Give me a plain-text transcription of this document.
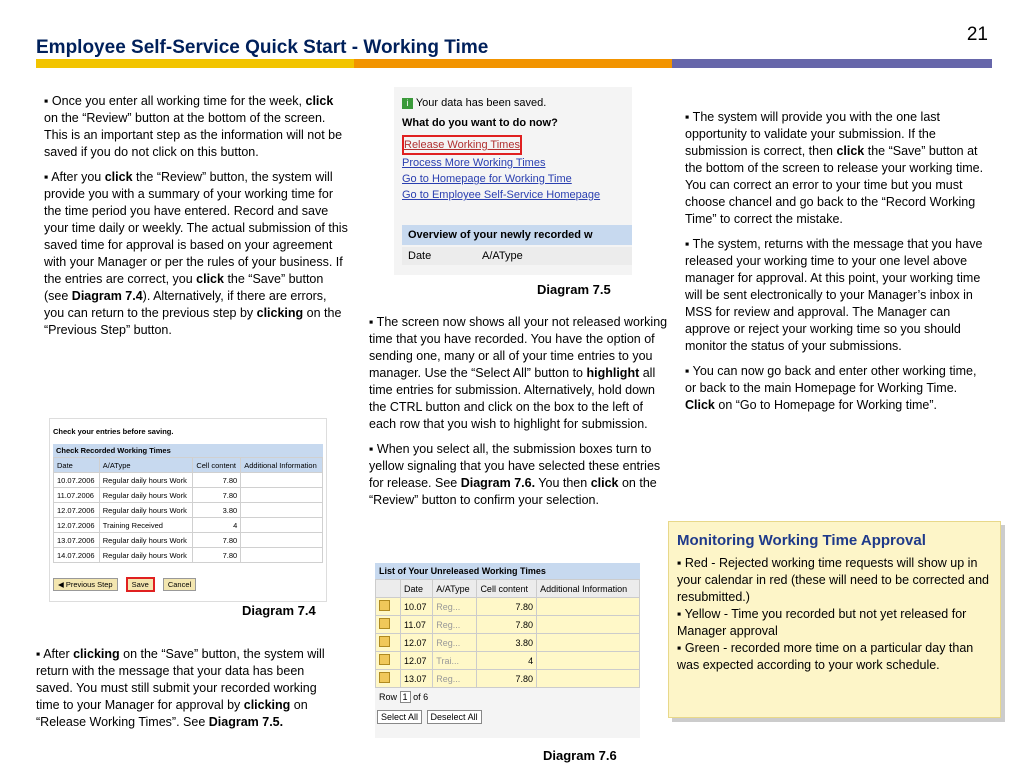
21
Employee Self-Service Quick Start - Working Time

▪ Once you enter all working time for the week, click on the “Review” button at the bottom of the screen. This is an important step as the information will not be saved if you do not click on this button.

▪ After you click the “Review” button, the system will provide you with a summary of your working time for the time period you have entered. Record and save your time daily or weekly. The actual submission of this saved time for approval is based on your agreement with your Manager or per the rules of your business. If the entries are correct, you click the “Save” button (see Diagram 7.4). Alternatively, if there are errors, you can return to the previous step by clicking on the “Previous Step” button.

Check your entries before saving.
Check Recorded Working Times
Date	A/AType	Cell content	Additional Information
10.07.2006	Regular daily hours Work	7.80	
11.07.2006	Regular daily hours Work	7.80	
12.07.2006	Regular daily hours Work	3.80	
12.07.2006	Training Received	4	
13.07.2006	Regular daily hours Work	7.80	
14.07.2006	Regular daily hours Work	7.80	
◀ Previous Step	Save	Cancel
Diagram 7.4

▪ After clicking on the “Save” button, the system will return with the message that your data has been saved. You must still submit your recorded working time to your Manager for approval by clicking on “Release Working Times”. See Diagram 7.5.

i Your data has been saved.
What do you want to do now?
Release Working Times
Process More Working Times
Go to Homepage for Working Time
Go to Employee Self-Service Homepage
Overview of your newly recorded w
Date	A/AType
Diagram 7.5

▪ The screen now shows all your not released working time that you have recorded. You have the option of sending one, many or all of your time entries to you manager. Use the “Select All” button to highlight all time entries for submission. Alternatively, hold down the CTRL button and click on the box to the left of each row that you wish to highlight for submission.

▪ When you select all, the submission boxes turn to yellow signaling that you have selected these entries for release. See Diagram 7.6. You then click on the “Review” button to confirm your selection.

List of Your Unreleased Working Times
	Date	A/AType	Cell content	Additional Information
	10.07	Reg...	7.80	
	11.07	Reg...	7.80	
	12.07	Reg...	3.80	
	12.07	Trai...	4	
	13.07	Reg...	7.80	
Row 1 of 6
Select All Deselect All
Diagram 7.6

▪ The system will provide you with the one last opportunity to validate your submission. If the submission is correct, then click the “Save” button at the bottom of the screen to release your working time. You can correct an error to your time but you must choose chancel and go back to the “Record Working Time” to correct the mistake.

▪ The system, returns with the message that you have released your working time to your one level above manager for approval. At this point, your working time will be sent electronically to your Manager’s inbox in MSS for review and approval. The Manager can approve or reject your working time so you should monitor the status of your submissions.

▪ You can now go back and enter other working time, or back to the main Homepage for Working Time. Click on “Go to Homepage for Working time”.

Monitoring Working Time Approval
▪ Red - Rejected working time requests will show up in your calendar in red (these will need to be corrected and resubmitted.)
▪ Yellow - Time you recorded but not yet released for Manager approval
▪ Green - recorded more time on a particular day than was expected according to your work schedule.
